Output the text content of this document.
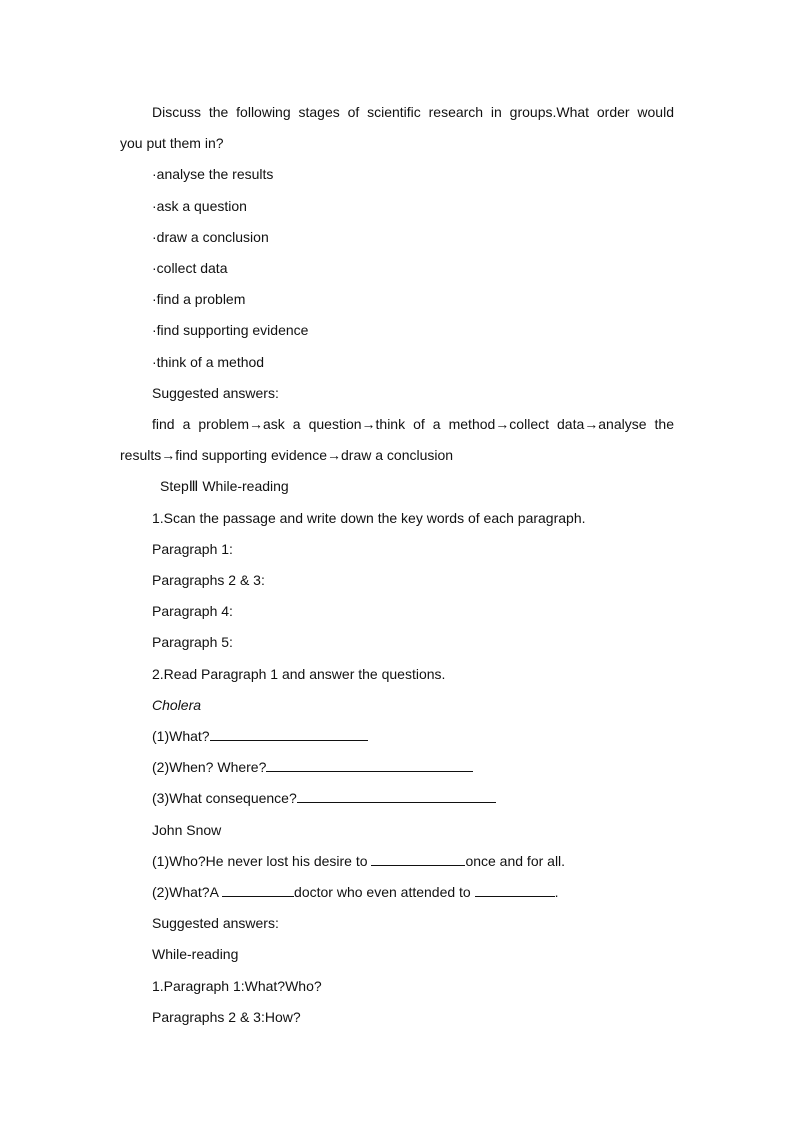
Discuss the following stages of scientific research in groups.What order would
you put them in?
·analyse the results
·ask a question
·draw a conclusion
·collect data
·find a problem
·find supporting evidence
·think of a method
Suggested answers:
find a problem→ask a question→think of a method→collect data→analyse the
results→find supporting evidence→draw a conclusion
StepⅢ While-reading
1.Scan the passage and write down the key words of each paragraph.
Paragraph 1:
Paragraphs 2 & 3:
Paragraph 4:
Paragraph 5:
2.Read Paragraph 1 and answer the questions.
Cholera
(1)What?
(2)When? Where?
(3)What consequence?
John Snow
(1)Who?He never lost his desire to	once and for all.
(2)What?A	doctor who even attended to	.
Suggested answers:
While-reading
1.Paragraph 1:What?Who?
Paragraphs 2 & 3:How?
